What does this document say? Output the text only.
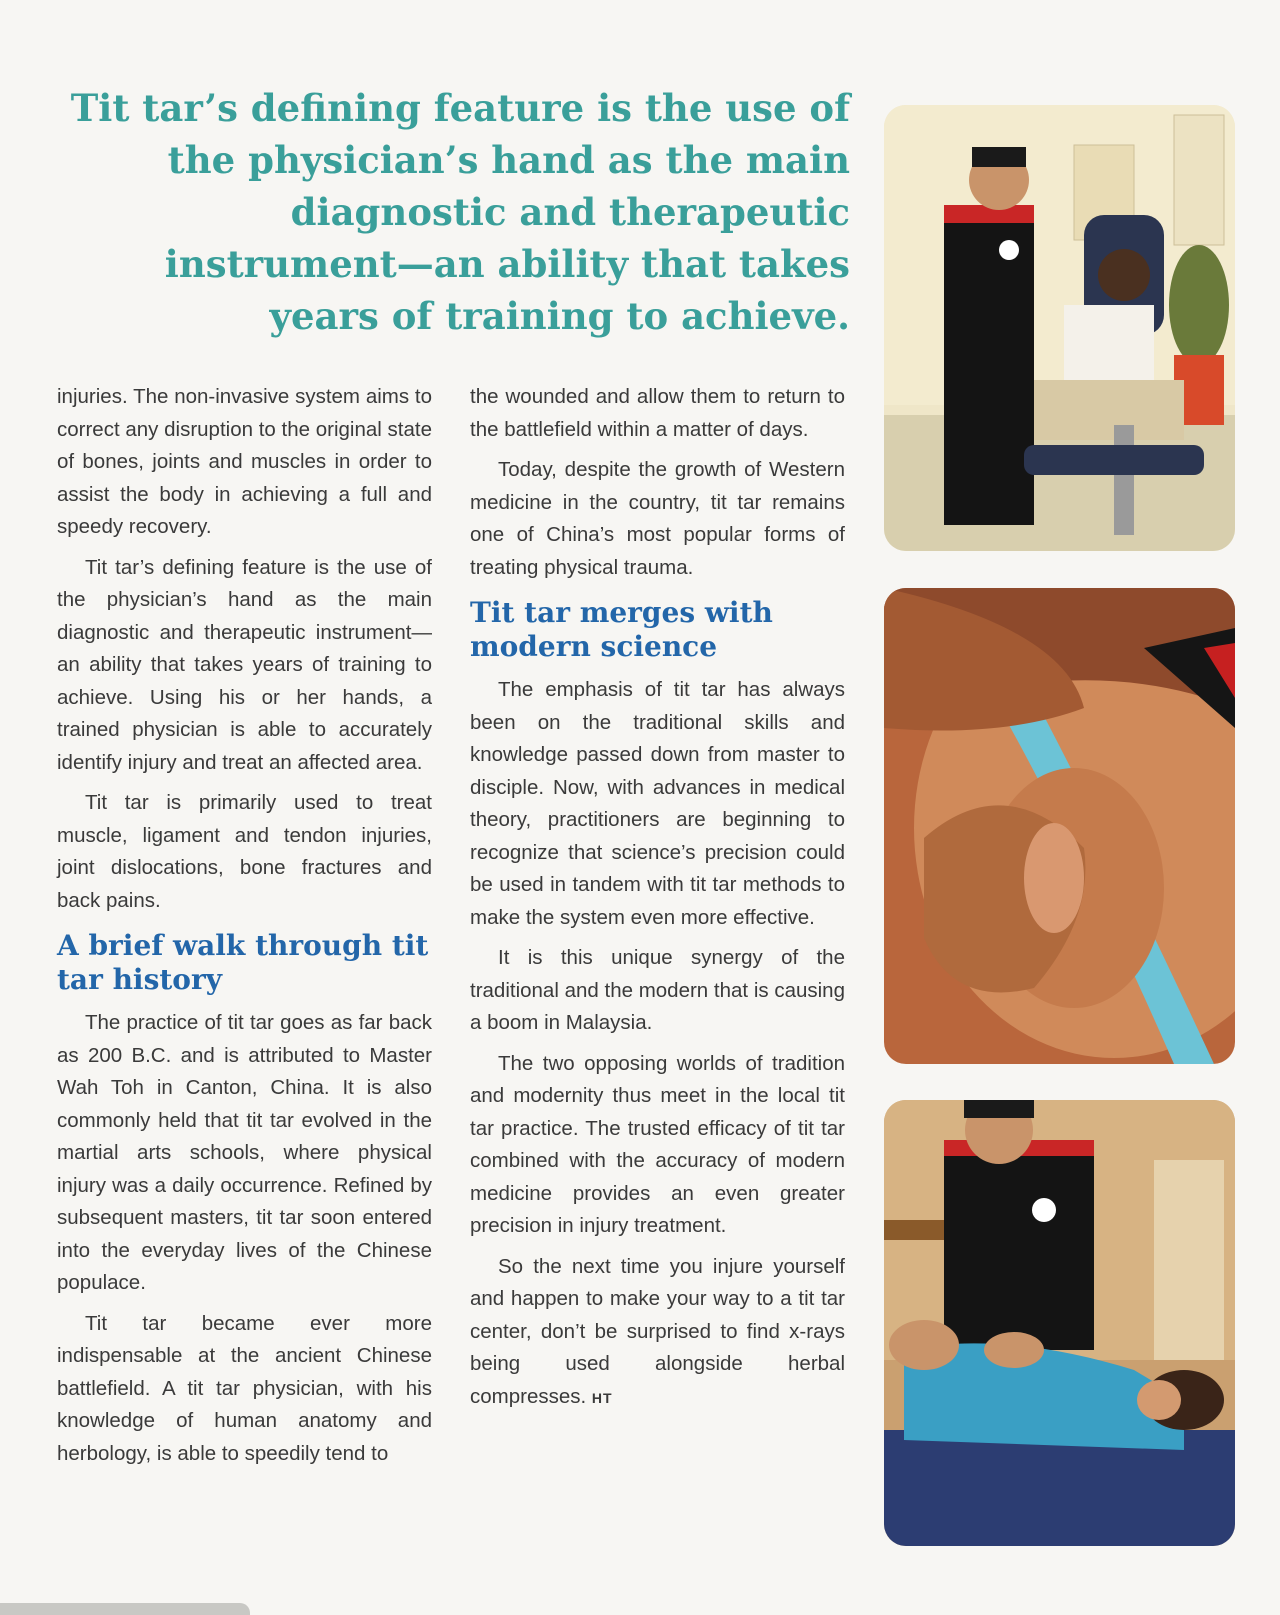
Tit tar’s defining feature is the use of the physician’s hand as the main diagnostic and therapeutic instrument—an ability that takes years of training to achieve.

injuries. The non-invasive system aims to correct any disruption to the original state of bones, joints and muscles in order to assist the body in achieving a full and speedy recovery.

Tit tar’s defining feature is the use of the physician’s hand as the main diagnostic and therapeutic instrument—an ability that takes years of training to achieve. Using his or her hands, a trained physician is able to accurately identify injury and treat an affected area.

Tit tar is primarily used to treat muscle, ligament and tendon injuries, joint dislocations, bone fractures and back pains.

A brief walk through tit tar history

The practice of tit tar goes as far back as 200 B.C. and is attributed to Master Wah Toh in Canton, China. It is also commonly held that tit tar evolved in the martial arts schools, where physical injury was a daily occurrence. Refined by subsequent masters, tit tar soon entered into the everyday lives of the Chinese populace.

Tit tar became ever more indispensable at the ancient Chinese battlefield. A tit tar physician, with his knowledge of human anatomy and herbology, is able to speedily tend to

the wounded and allow them to return to the battlefield within a matter of days.

Today, despite the growth of Western medicine in the country, tit tar remains one of China’s most popular forms of treating physical trauma.

Tit tar merges with modern science

The emphasis of tit tar has always been on the traditional skills and knowledge passed down from master to disciple. Now, with advances in medical theory, practitioners are beginning to recognize that science’s precision could be used in tandem with tit tar methods to make the system even more effective.

It is this unique synergy of the traditional and the modern that is causing a boom in Malaysia.

The two opposing worlds of tradition and modernity thus meet in the local tit tar practice. The trusted efficacy of tit tar combined with the accuracy of modern medicine provides an even greater precision in injury treatment.

So the next time you injure yourself and happen to make your way to a tit tar center, don’t be surprised to find x-rays being used alongside herbal compresses. HT
